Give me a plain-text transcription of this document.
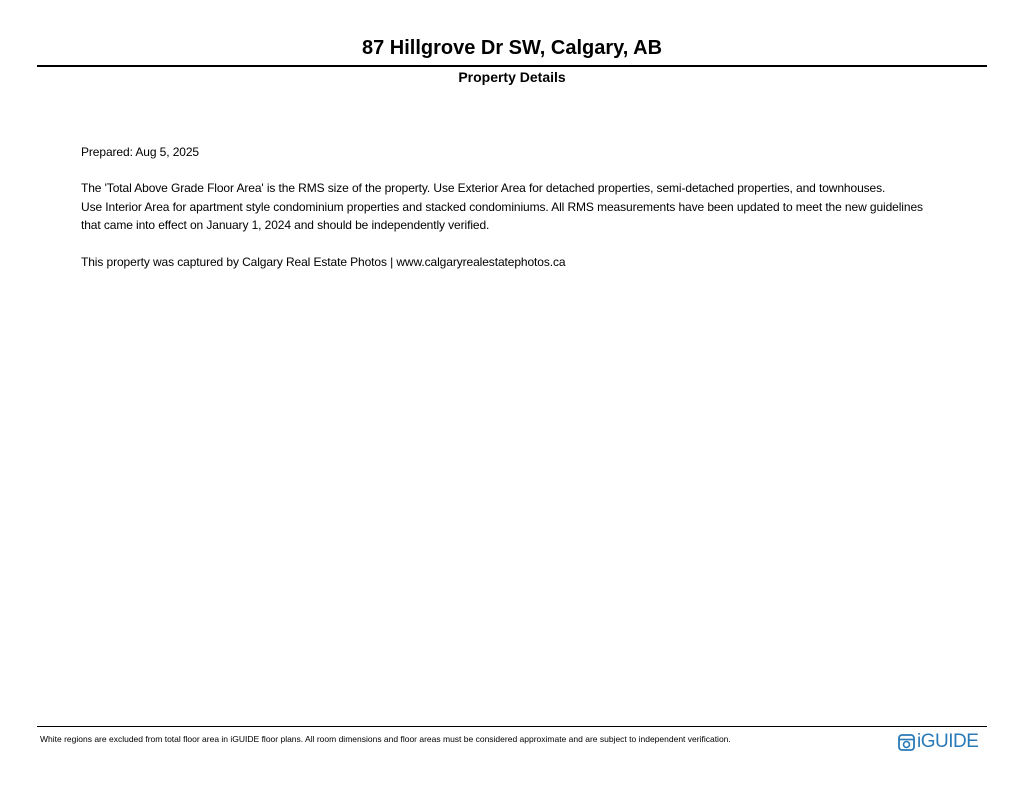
87 Hillgrove Dr SW, Calgary, AB
Property Details
Prepared: Aug 5, 2025
The 'Total Above Grade Floor Area' is the RMS size of the property. Use Exterior Area for detached properties, semi-detached properties, and townhouses.
Use Interior Area for apartment style condominium properties and stacked condominiums. All RMS measurements have been updated to meet the new guidelines
that came into effect on January 1, 2024 and should be independently verified.
This property was captured by Calgary Real Estate Photos | www.calgaryrealestatephotos.ca
White regions are excluded from total floor area in iGUIDE floor plans. All room dimensions and floor areas must be considered approximate and are subject to independent verification.	iGUIDE
